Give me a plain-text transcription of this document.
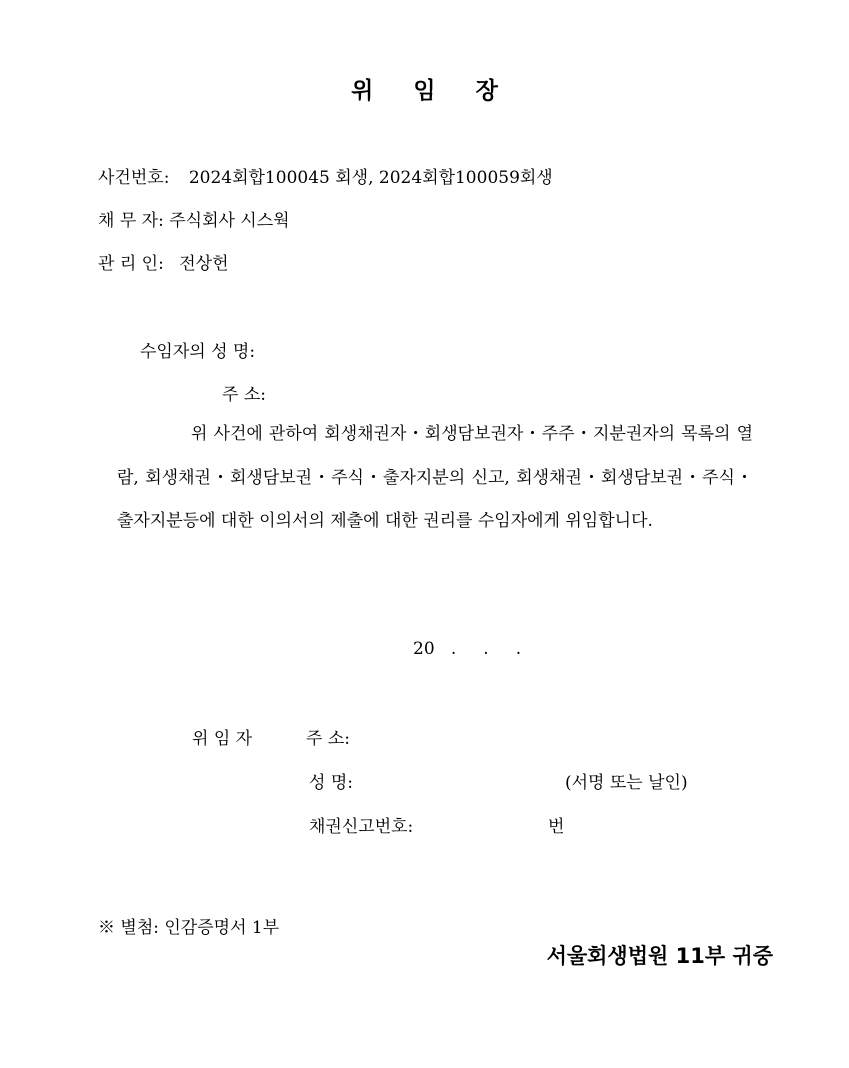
위 임 장
사건번호: 2024회합100045 회생, 2024회합100059회생
채 무 자: 주식회사 시스웍
관 리 인: 전상헌
수임자의 성 명:
주 소:
위 사건에 관하여 회생채권자・회생담보권자・주주・지분권자의 목록의 열람, 회생채권・회생담보권・주식・출자지분의 신고, 회생채권・회생담보권・주식・출자지분등에 대한 이의서의 제출에 대한 권리를 수임자에게 위임합니다.
20   .     .     .
위 임 자	주 소:
성 명:	(서명 또는 날인)
채권신고번호:	번
※ 별첨: 인감증명서 1부
서울회생법원 11부 귀중
